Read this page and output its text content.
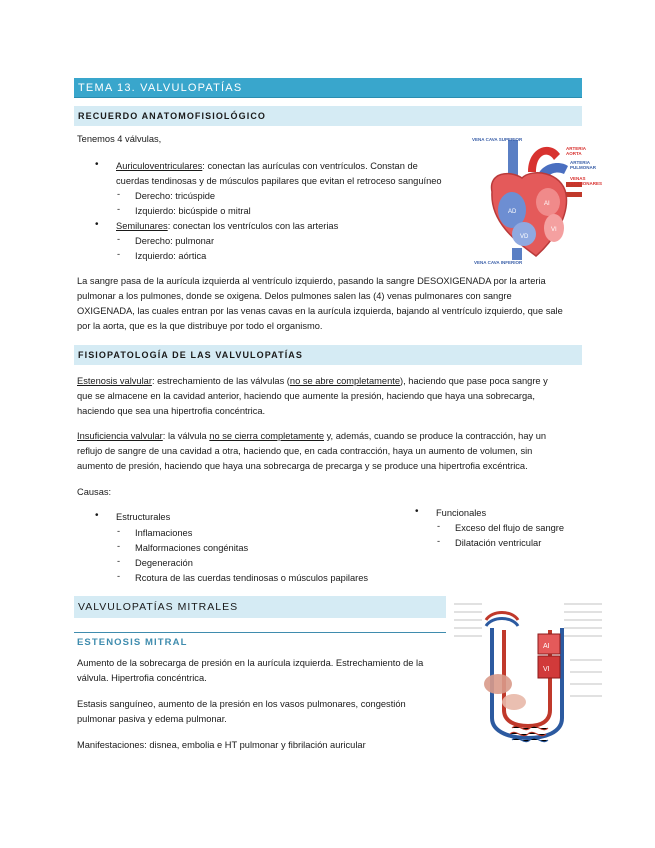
TEMA 13. VALVULOPATÍAS
RECUERDO ANATOMOFISIOLÓGICO
Tenemos 4 válvulas,
• Auriculoventriculares: conectan las aurículas con ventrículos. Constan de
cuerdas tendinosas y de músculos papilares que evitan el retroceso sanguíneo
- Derecho: tricúspide
- Izquierdo: bicúspide o mitral
• Semilunares: conectan los ventrículos con las arterias
- Derecho: pulmonar
- Izquierdo: aórtica
AD
AI
VD
VI
VENA CAVA SUPERIOR
ARTERIA AORTA
ARTERIA PULMONAR
VENAS PULMONARES
VENA CAVA INFERIOR
La sangre pasa de la aurícula izquierda al ventrículo izquierdo, pasando la sangre DESOXIGENADA por la arteria
pulmonar a los pulmones, donde se oxigena. Delos pulmones salen las (4) venas pulmonares con sangre
OXIGENADA, las cuales entran por las venas cavas en la aurícula izquierda, bajando al ventrículo izquierdo, que sale
por la aorta, que es la que distribuye por todo el organismo.
FISIOPATOLOGÍA DE LAS VALVULOPATÍAS
Estenosis valvular: estrechamiento de las válvulas (no se abre completamente), haciendo que pase poca sangre y
que se almacene en la cavidad anterior, haciendo que aumente la presión, haciendo que haya una sobrecarga,
haciendo que sea una hipertrofia concéntrica.
Insuficiencia valvular: la válvula no se cierra completamente y, además, cuando se produce la contracción, hay un
reflujo de sangre de una cavidad a otra, haciendo que, en cada contracción, haya un aumento de volumen, sin
aumento de presión, haciendo que haya una sobrecarga de precarga y se produce una hipertrofia excéntrica.
Causas:
• Estructurales
- Inflamaciones
- Malformaciones congénitas
- Degeneración
- Rcotura de las cuerdas tendinosas o músculos papilares
• Funcionales
- Exceso del flujo de sangre
- Dilatación ventricular
VALVULOPATÍAS MITRALES
ESTENOSIS MITRAL
Aumento de la sobrecarga de presión en la aurícula izquierda. Estrechamiento de la
válvula. Hipertrofia concéntrica.
Estasis sanguíneo, aumento de la presión en los vasos pulmonares, congestión
pulmonar pasiva y edema pulmonar.
Manifestaciones: disnea, embolia e HT pulmonar y fibrilación auricular
AI
VI
